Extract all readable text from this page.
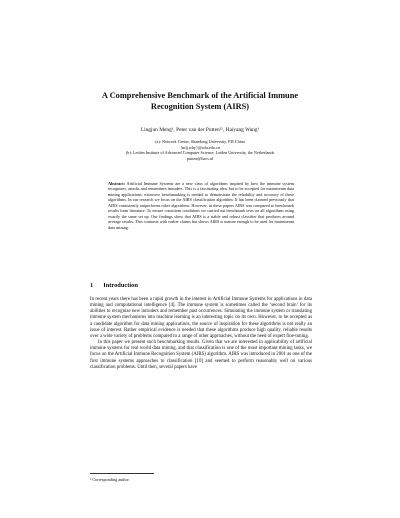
A Comprehensive Benchmark of the Artificial Immune
Recognition System (AIRS)
Lingjun Meng¹, Peter van der Putten²¹, Haiyang Wang¹
(a): Network Center, Shandong University, P.R.China
{mlj,why}@sdu.edu.cn
(b): Leiden Institute of Advanced Computer Science, Leiden University, the Netherlands
putten@liacs.nl
Abstract: Artificial Immune Systems are a new class of algorithms inspired by how the immune system recognizes, attacks and remembers intruders. This is a fascinating idea, but to be accepted for mainstream data mining applications, extensive benchmarking is needed to demonstrate the reliability and accuracy of these algorithms. In our research we focus on the AIRS classification algorithm. It has been claimed previously that AIRS consistently outperforms other algorithms. However, in these papers AIRS was compared to benchmark results from literature. To ensure consistent conditions we carried out benchmark tests on all algorithms using exactly the same set up. Our findings show that AIRS is a stable and robust classifier that produces around average results. This contrasts with earlier claims but shows AIRS is mature enough to be used for mainstream data mining.
1 Introduction

In recent years there has been a rapid growth in the interest in Artificial Immune Systems for applications in data mining and computational intelligence [4]. The immune system is sometimes called the ‘second brain’ for its abilities to recognize new intruders and remember past occurrences. Simulating the immune system or translating immune system mechanisms into machine learning is an interesting topic on its own. However, to be accepted as a candidate algorithm for data mining applications, the source of inspiration for these algorithms is not really an issue of interest. Rather empirical evidence is needed that these algorithms produce high quality, reliable results over a wide variety of problems compared to a range of other approaches, without the need of expert fine-tuning.

In this paper we present such benchmarking results. Given that we are interested in applicability of artificial immune systems for real world data mining, and that classification is one of the most important mining tasks, we focus on the Artificial Immune Recognition System (AIRS) algorithm. AIRS was introduced in 2001 as one of the first immune systems approaches to classification [10] and seemed to perform reasonably well on various classification problems. Until then, several papers have

¹ Corresponding author
